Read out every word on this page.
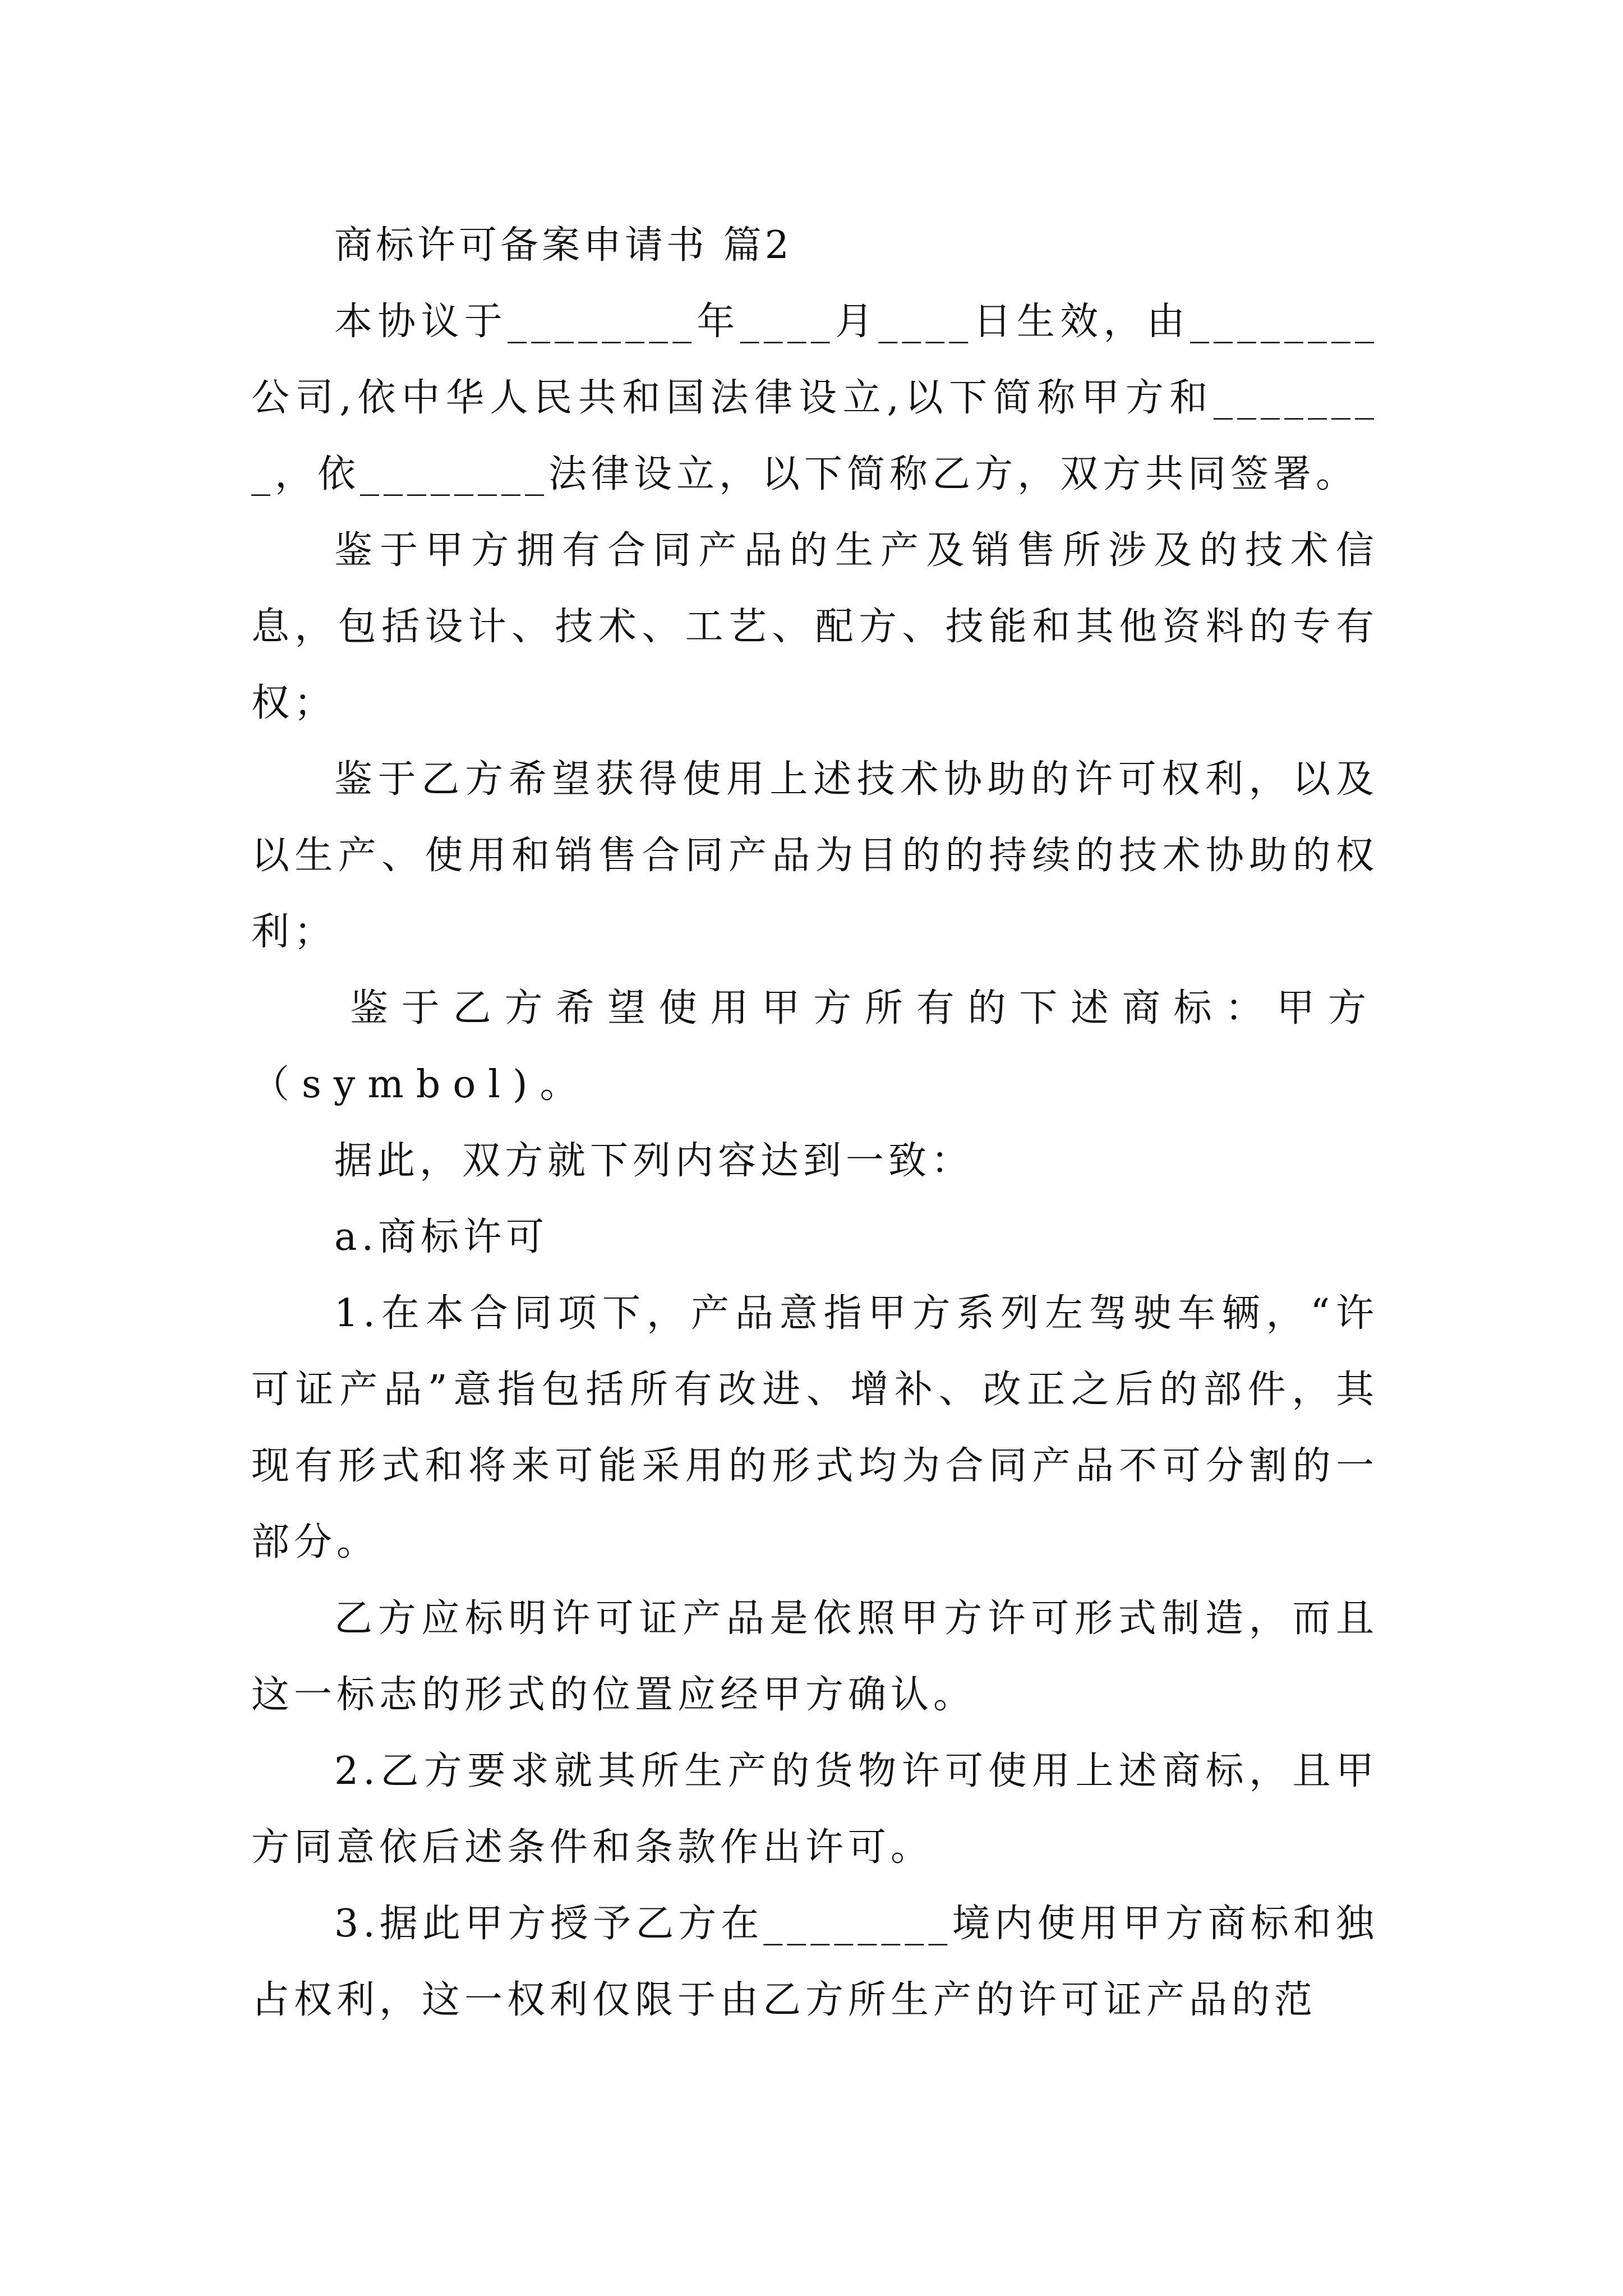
商标许可备案申请书 篇2

本协议于________年____月____日生效，由________公司,依中华人民共和国法律设立,以下简称甲方和________，依________法律设立，以下简称乙方，双方共同签署。

鉴于甲方拥有合同产品的生产及销售所涉及的技术信息，包括设计、技术、工艺、配方、技能和其他资料的专有权；

鉴于乙方希望获得使用上述技术协助的许可权利，以及以生产、使用和销售合同产品为目的的持续的技术协助的权利；

鉴于乙方希望使用甲方所有的下述商标：甲方（symbol)。

据此，双方就下列内容达到一致：

a.商标许可

1.在本合同项下，产品意指甲方系列左驾驶车辆，“许可证产品”意指包括所有改进、增补、改正之后的部件，其现有形式和将来可能采用的形式均为合同产品不可分割的一部分。

乙方应标明许可证产品是依照甲方许可形式制造，而且这一标志的形式的位置应经甲方确认。

2.乙方要求就其所生产的货物许可使用上述商标，且甲方同意依后述条件和条款作出许可。

3.据此甲方授予乙方在________境内使用甲方商标和独占权利，这一权利仅限于由乙方所生产的许可证产品的范
